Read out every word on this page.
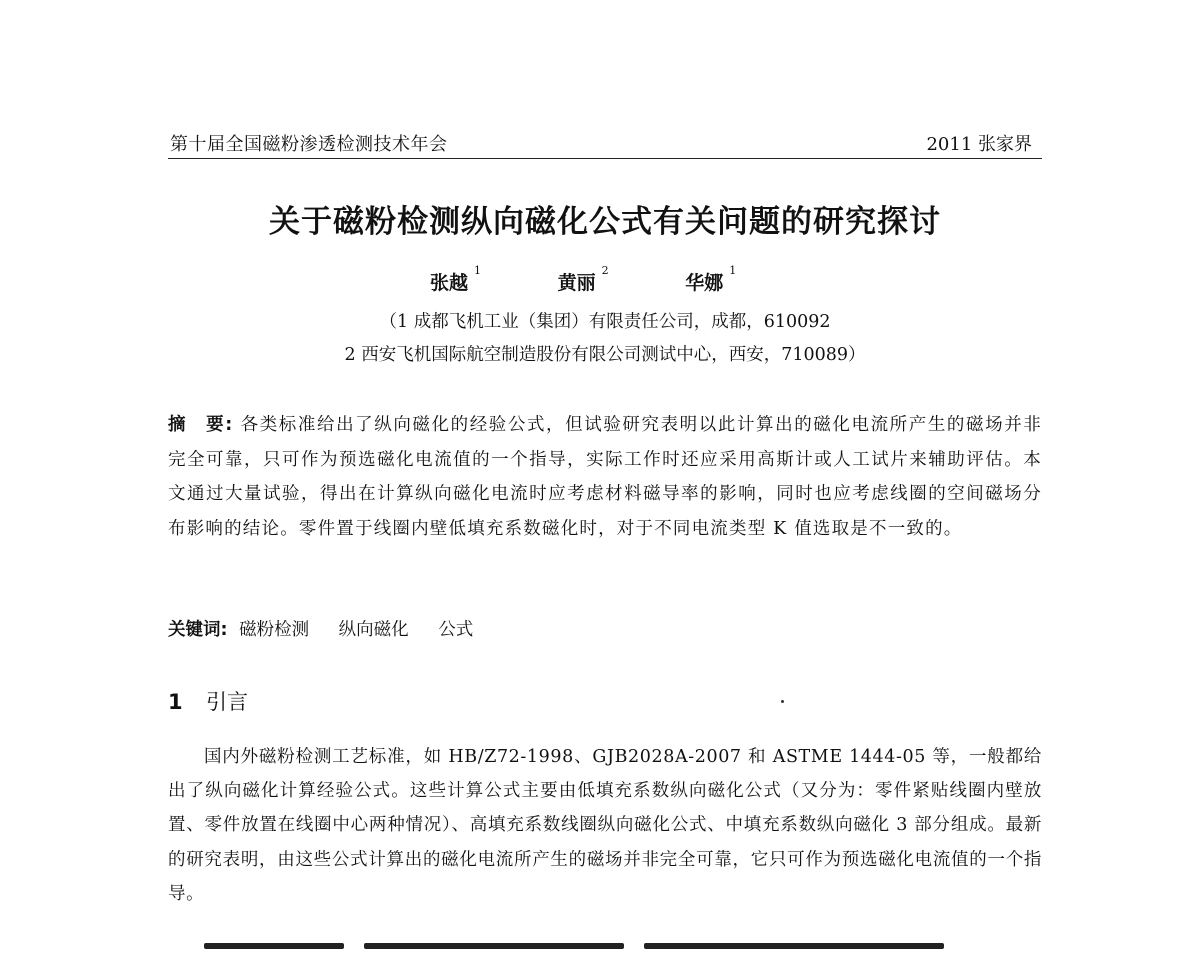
第十届全国磁粉渗透检测技术年会	2011 张家界
关于磁粉检测纵向磁化公式有关问题的研究探讨
张越$^1$ 黄丽$^2$ 华娜$^1$
（1 成都飞机工业（集团）有限责任公司，成都，610092
2 西安飞机国际航空制造股份有限公司测试中心，西安，710089）
摘　要: 各类标准给出了纵向磁化的经验公式，但试验研究表明以此计算出的磁化电流所产生的磁场并非完全可靠，只可作为预选磁化电流值的一个指导，实际工作时还应采用高斯计或人工试片来辅助评估。本文通过大量试验，得出在计算纵向磁化电流时应考虑材料磁导率的影响，同时也应考虑线圈的空间磁场分布影响的结论。零件置于线圈内壁低填充系数磁化时，对于不同电流类型 K 值选取是不一致的。
关键词: 磁粉检测 纵向磁化 公式
1 引言
国内外磁粉检测工艺标准，如 HB/Z72-1998、GJB2028A-2007 和 ASTME 1444-05 等，一般都给出了纵向磁化计算经验公式。这些计算公式主要由低填充系数纵向磁化公式（又分为：零件紧贴线圈内壁放置、零件放置在线圈中心两种情况）、高填充系数线圈纵向磁化公式、中填充系数纵向磁化 3 部分组成。最新的研究表明，由这些公式计算出的磁化电流所产生的磁场并非完全可靠，它只可作为预选磁化电流值的一个指导。
